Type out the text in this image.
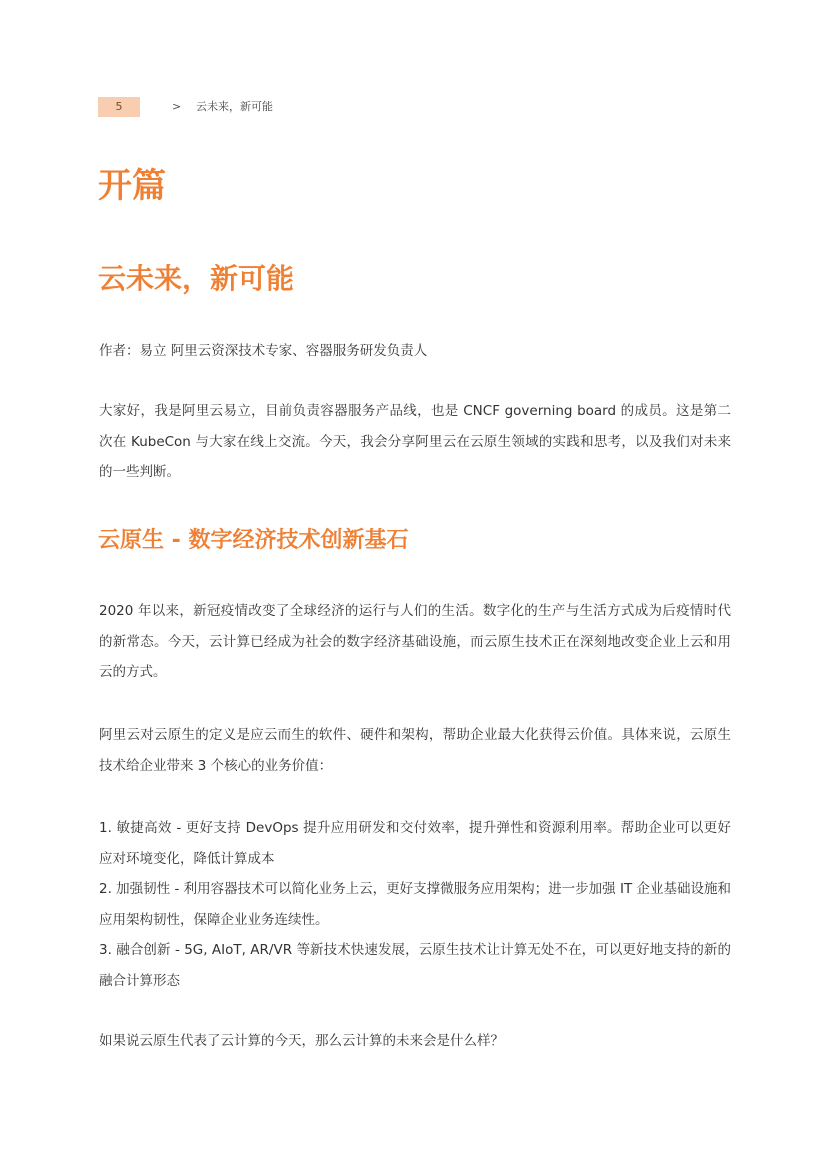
5	> 云未来，新可能
开篇
云未来，新可能

作者：易立 阿里云资深技术专家、容器服务研发负责人

大家好，我是阿里云易立，目前负责容器服务产品线，也是 CNCF governing board 的成员。这是第二次在 KubeCon 与大家在线上交流。今天，我会分享阿里云在云原生领域的实践和思考，以及我们对未来的一些判断。

云原生 - 数字经济技术创新基石

2020 年以来，新冠疫情改变了全球经济的运行与人们的生活。数字化的生产与生活方式成为后疫情时代的新常态。今天，云计算已经成为社会的数字经济基础设施，而云原生技术正在深刻地改变企业上云和用云的方式。

阿里云对云原生的定义是应云而生的软件、硬件和架构，帮助企业最大化获得云价值。具体来说，云原生技术给企业带来 3 个核心的业务价值：

1. 敏捷高效 - 更好支持 DevOps 提升应用研发和交付效率，提升弹性和资源利用率。帮助企业可以更好应对环境变化，降低计算成本
2. 加强韧性 - 利用容器技术可以简化业务上云，更好支撑微服务应用架构；进一步加强 IT 企业基础设施和应用架构韧性，保障企业业务连续性。
3. 融合创新 - 5G, AIoT, AR/VR 等新技术快速发展，云原生技术让计算无处不在，可以更好地支持的新的融合计算形态

如果说云原生代表了云计算的今天，那么云计算的未来会是什么样？
